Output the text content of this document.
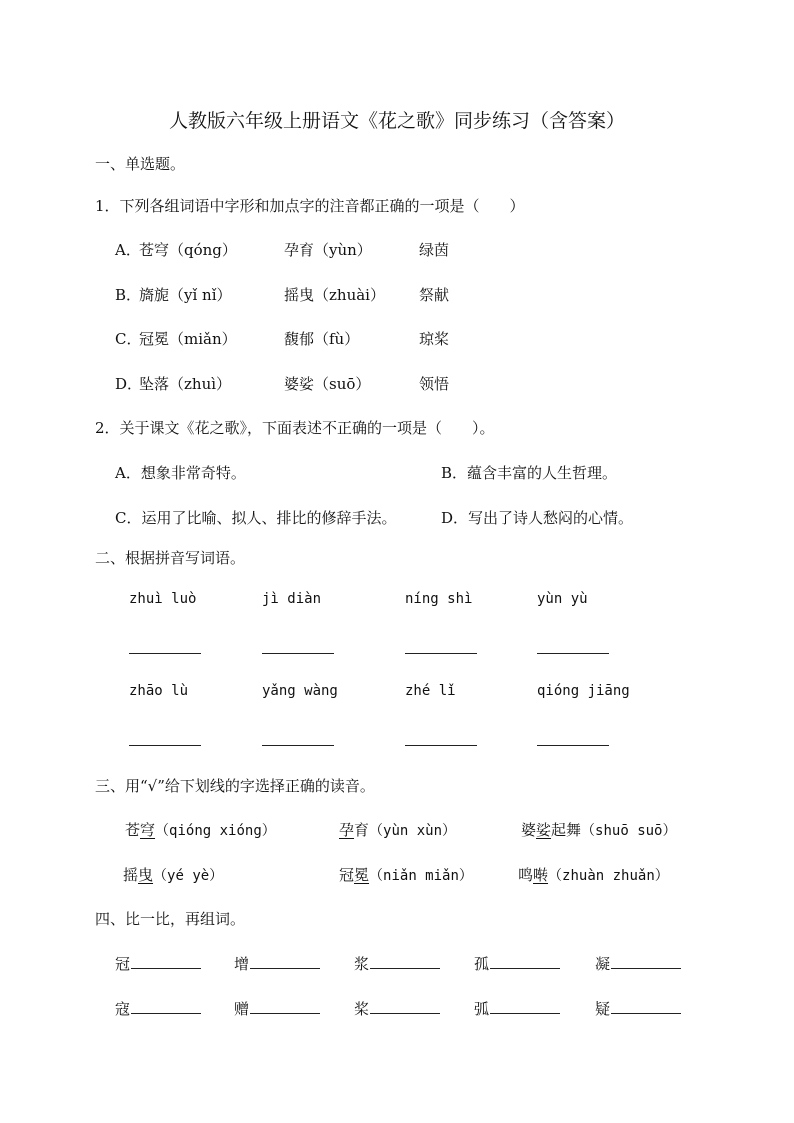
人教版六年级上册语文《花之歌》同步练习（含答案）
一、单选题。
1．下列各组词语中字形和加点字的注音都正确的一项是（　　）
A．
苍穹（qóng）	孕育（yùn）	绿茵
B．
旖旎（yǐ nǐ）	摇曳（zhuài） 祭献
C．
冠冕（miǎn）	馥郁（fù）	琼桨
D．
坠落（zhuì）	婆娑（suō）	领悟
2．关于课文《花之歌》，下面表述不正确的一项是（　　）。
A．想象非常奇特。	B．蕴含丰富的人生哲理。
C．运用了比喻、拟人、排比的修辞手法。	D．写出了诗人愁闷的心情。
二、根据拼音写词语。
zhuì luò	jì diàn	níng shì	yùn yù
zhāo lù	yǎng wàng	zhé lǐ	qióng jiāng
三、用“√”给下划线的字选择正确的读音。
苍穹（qióng xióng）	孕育（yùn xùn）	婆娑起舞（shuō suō）
摇曳（yé yè）	冠冕（niǎn miǎn）	鸣啭（zhuàn zhuǎn）
四、比一比，再组词。
冠	增	浆	孤	凝
寇	赠	桨	弧	疑
